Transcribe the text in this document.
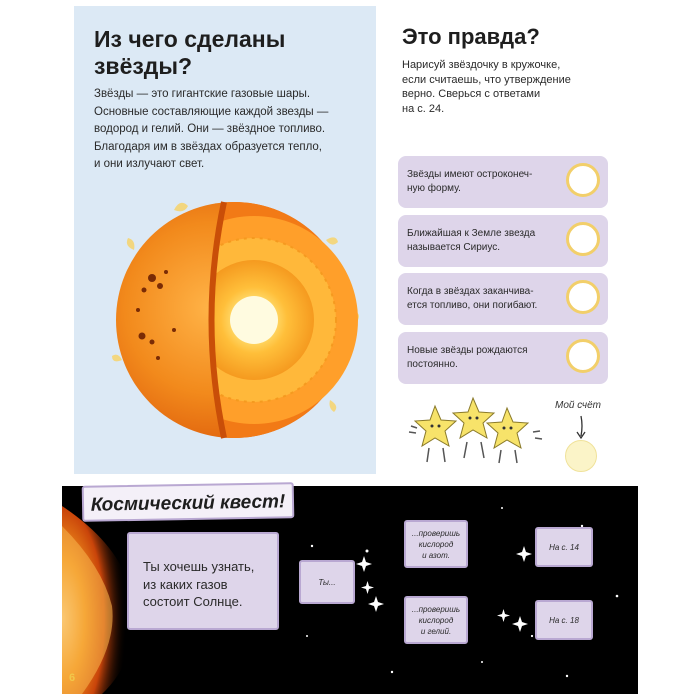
Из чего сделаны
звёзды?
Звёзды — это гигантские газовые шары.
Основные составляющие каждой звезды —
водород и гелий. Они — звёздное топливо.
Благодаря им в звёздах образуется тепло,
и они излучают свет.
Это правда?
Нарисуй звёздочку в кружочке,
если считаешь, что утверждение
верно. Сверься с ответами
на с. 24.
Звёзды имеют остроконеч-
ную форму.
Ближайшая к Земле звезда
называется Сириус.
Когда в звёздах заканчива-
ется топливо, они погибают.
Новые звёзды рождаются
постоянно.
Мой счёт
Космический квест!
Ты хочешь узнать,
из каких газов
состоит Солнце.
Ты...
...проверишь
кислород
и азот.
...проверишь
кислород
и гелий.
На с. 14
На с. 18
6
